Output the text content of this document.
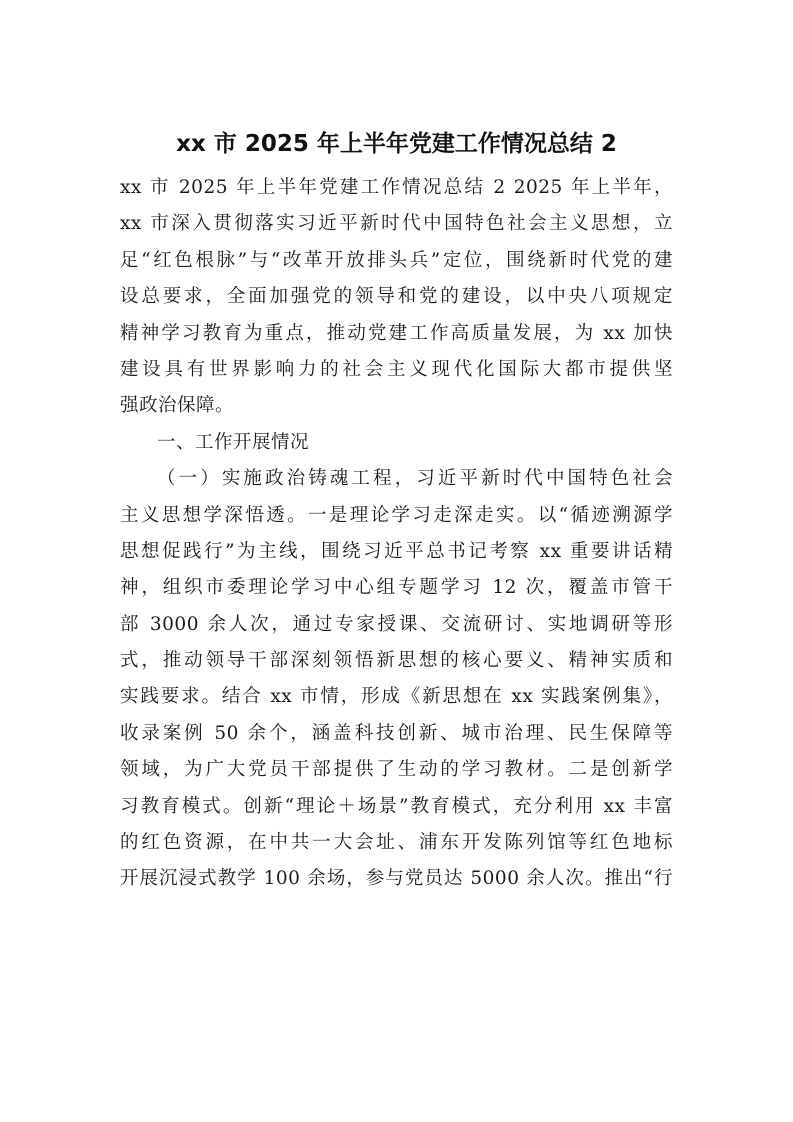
xx 市 2025 年上半年党建工作情况总结 2
xx 市 2025 年上半年党建工作情况总结 2 2025 年上半年，
xx 市深入贯彻落实习近平新时代中国特色社会主义思想，立
足“红色根脉”与“改革开放排头兵”定位，围绕新时代党的建
设总要求，全面加强党的领导和党的建设，以中央八项规定
精神学习教育为重点，推动党建工作高质量发展，为 xx 加快
建设具有世界影响力的社会主义现代化国际大都市提供坚
强政治保障。
一、工作开展情况
（一）实施政治铸魂工程，习近平新时代中国特色社会
主义思想学深悟透。一是理论学习走深走实。以“循迹溯源学
思想促践行”为主线，围绕习近平总书记考察 xx 重要讲话精
神，组织市委理论学习中心组专题学习 12 次，覆盖市管干
部 3000 余人次，通过专家授课、交流研讨、实地调研等形
式，推动领导干部深刻领悟新思想的核心要义、精神实质和
实践要求。结合 xx 市情，形成《新思想在 xx 实践案例集》，
收录案例 50 余个，涵盖科技创新、城市治理、民生保障等
领域，为广大党员干部提供了生动的学习教材。二是创新学
习教育模式。创新“理论＋场景”教育模式，充分利用 xx 丰富
的红色资源，在中共一大会址、浦东开发陈列馆等红色地标
开展沉浸式教学 100 余场，参与党员达 5000 余人次。推出“行
